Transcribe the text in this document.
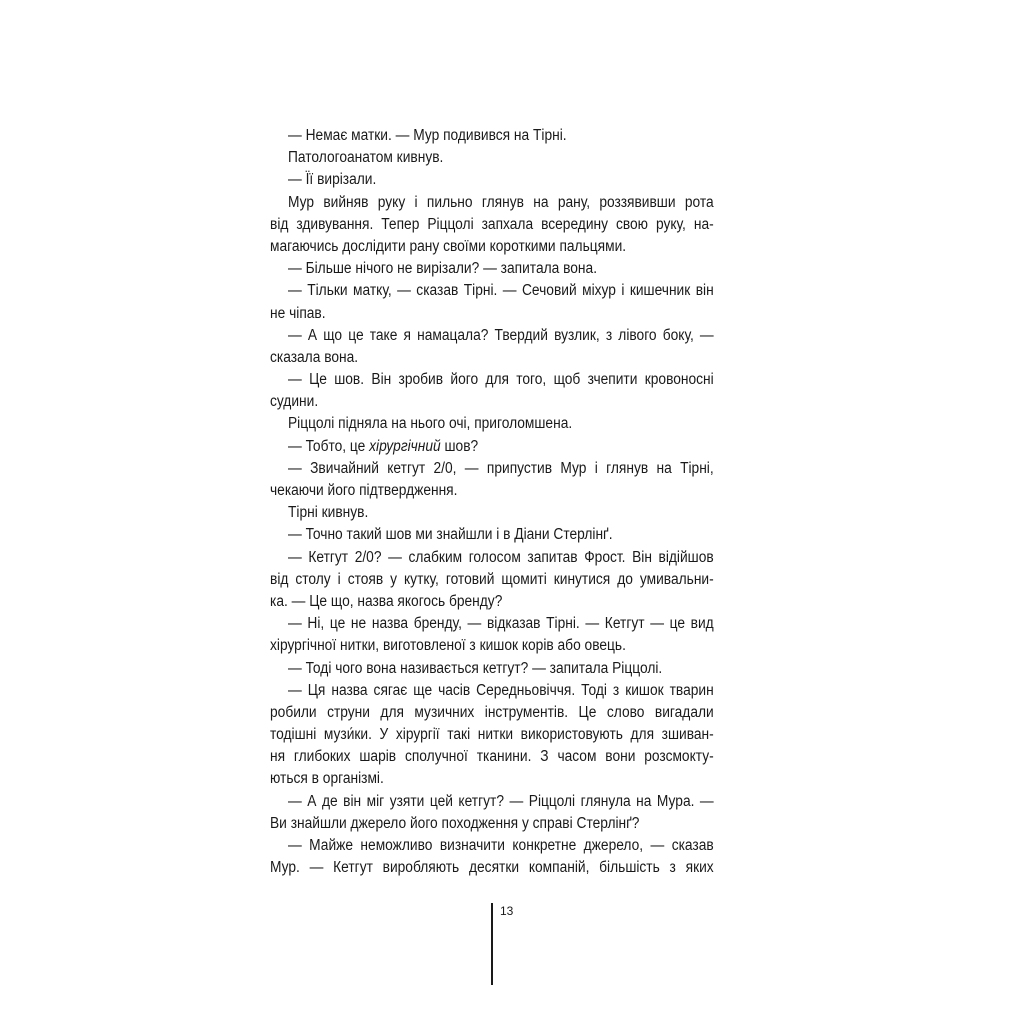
— Немає матки. — Мур подивився на Тірні.
Патологоанатом кивнув.
— Її вирізали.
Мур вийняв руку і пильно глянув на рану, роззявивши рота
від здивування. Тепер Ріццолі запхала всередину свою руку, на-
магаючись дослідити рану своїми короткими пальцями.
— Більше нічого не вирізали? — запитала вона.
— Тільки матку, — сказав Тірні. — Сечовий міхур і кишечник він
не чіпав.
— А що це таке я намацала? Твердий вузлик, з лівого боку, —
сказала вона.
— Це шов. Він зробив його для того, щоб зчепити кровоносні
судини.
Ріццолі підняла на нього очі, приголомшена.
— Тобто, це хірургічний шов?
— Звичайний кетгут 2/0, — припустив Мур і глянув на Тірні,
чекаючи його підтвердження.
Тірні кивнув.
— Точно такий шов ми знайшли і в Діани Стерлінґ.
— Кетгут 2/0? — слабким голосом запитав Фрост. Він відійшов
від столу і стояв у кутку, готовий щомиті кинутися до умивальни-
ка. — Це що, назва якогось бренду?
— Ні, це не назва бренду, — відказав Тірні. — Кетгут — це вид
хірургічної нитки, виготовленої з кишок корів або овець.
— Тоді чого вона називається кетгут? — запитала Ріццолі.
— Ця назва сягає ще часів Середньовіччя. Тоді з кишок тварин
робили струни для музичних інструментів. Це слово вигадали
тодішні музи́ки. У хірургії такі нитки використовують для зшиван-
ня глибоких шарів сполучної тканини. З часом вони розсмокту-
ються в організмі.
— А де він міг узяти цей кетгут? — Ріццолі глянула на Мура. —
Ви знайшли джерело його походження у справі Стерлінґ?
— Майже неможливо визначити конкретне джерело, — сказав
Мур. — Кетгут виробляють десятки компаній, більшість з яких
13
